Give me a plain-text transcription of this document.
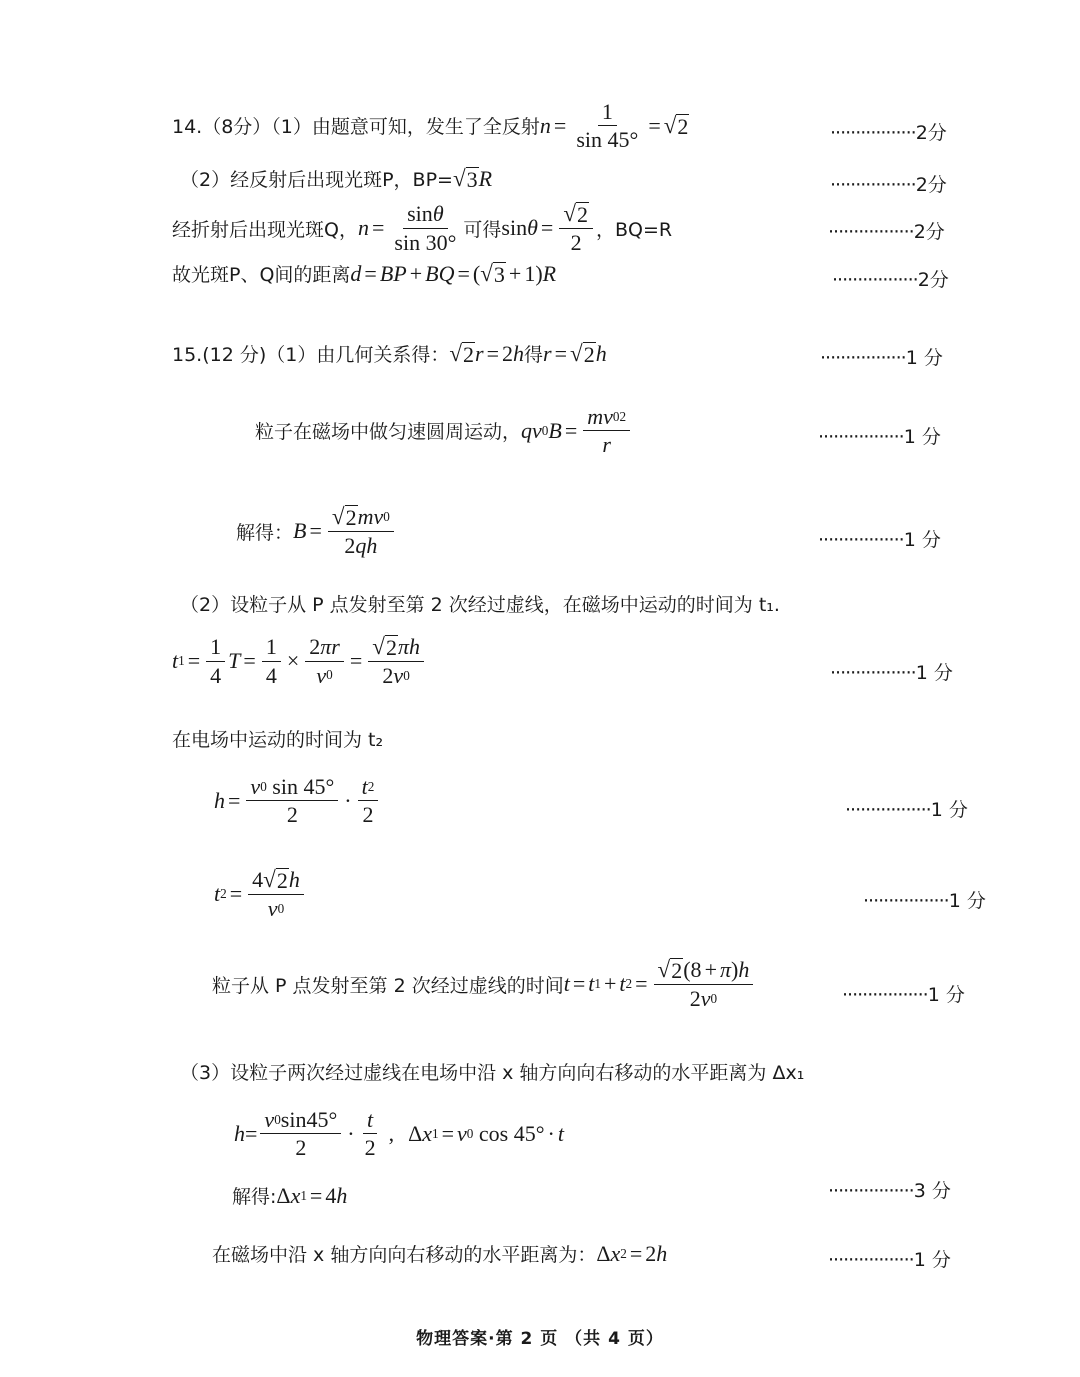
14.（8分）（1）由题意可知，发生了全反射 $n = \frac{1}{\sin 45^\circ}$ = √ 2	·················2分
（2）经反射后出现光斑P，BP= √ 3 R	·················2分
经折射后出现光斑Q， $n = \frac{\text{sin θ}}{\sin 30^\circ}$ 可得 $\sin \theta = \frac{√ 2}{2}$ ，BQ=R	·················2分
故光斑P、Q间的距离 d = BP + BQ = ( √ 3 + 1) R	·················2分
15.(12 分)（1）由几何关系得： √ 2 r = 2 h 得 r = √ 2 h	·················1 分
粒子在磁场中做匀速圆周运动， qv 0 $B = \frac{mv 0 2}{r}$	·················1 分
解得： $B = \frac{√ 2 mv 0}{2 qh}$	·················1 分
（2）设粒子从 P 点发射至第 2 次经过虚线，在磁场中运动的时间为 t₁.
t $1 = \frac{1}{4}$ $T = \frac{1}{4} \times \frac{2 \pi r}{v 0} = \frac{√ 2 \pi h}{2 v 0}$	·················1 分
在电场中运动的时间为 t₂
$h = \frac{v 0 \sin 45^\circ}{2} \cdot \frac{t 2}{2}$	·················1 分
t $2 = \frac{4 √ 2 h}{v 0}$	·················1 分
粒子从 P 点发射至第 2 次经过虚线的时间 t = t 1 + t $2 = \frac{√ 2 (8 + \pi ) h}{2 v 0}$	·················1 分
（3）设粒子两次经过虚线在电场中沿 x 轴方向向右移动的水平距离为 Δx₁
$h = \frac{v 0 \sin 45^\circ}{2} \cdot \frac{t}{2}$ , Δ x 1 = v 0 cos 45° · t
解得: Δ x 1 = 4 h	·················3 分
在磁场中沿 x 轴方向向右移动的水平距离为： Δ x 2 = 2 h	·················1 分
物理答案·第 2 页 （共 4 页）
